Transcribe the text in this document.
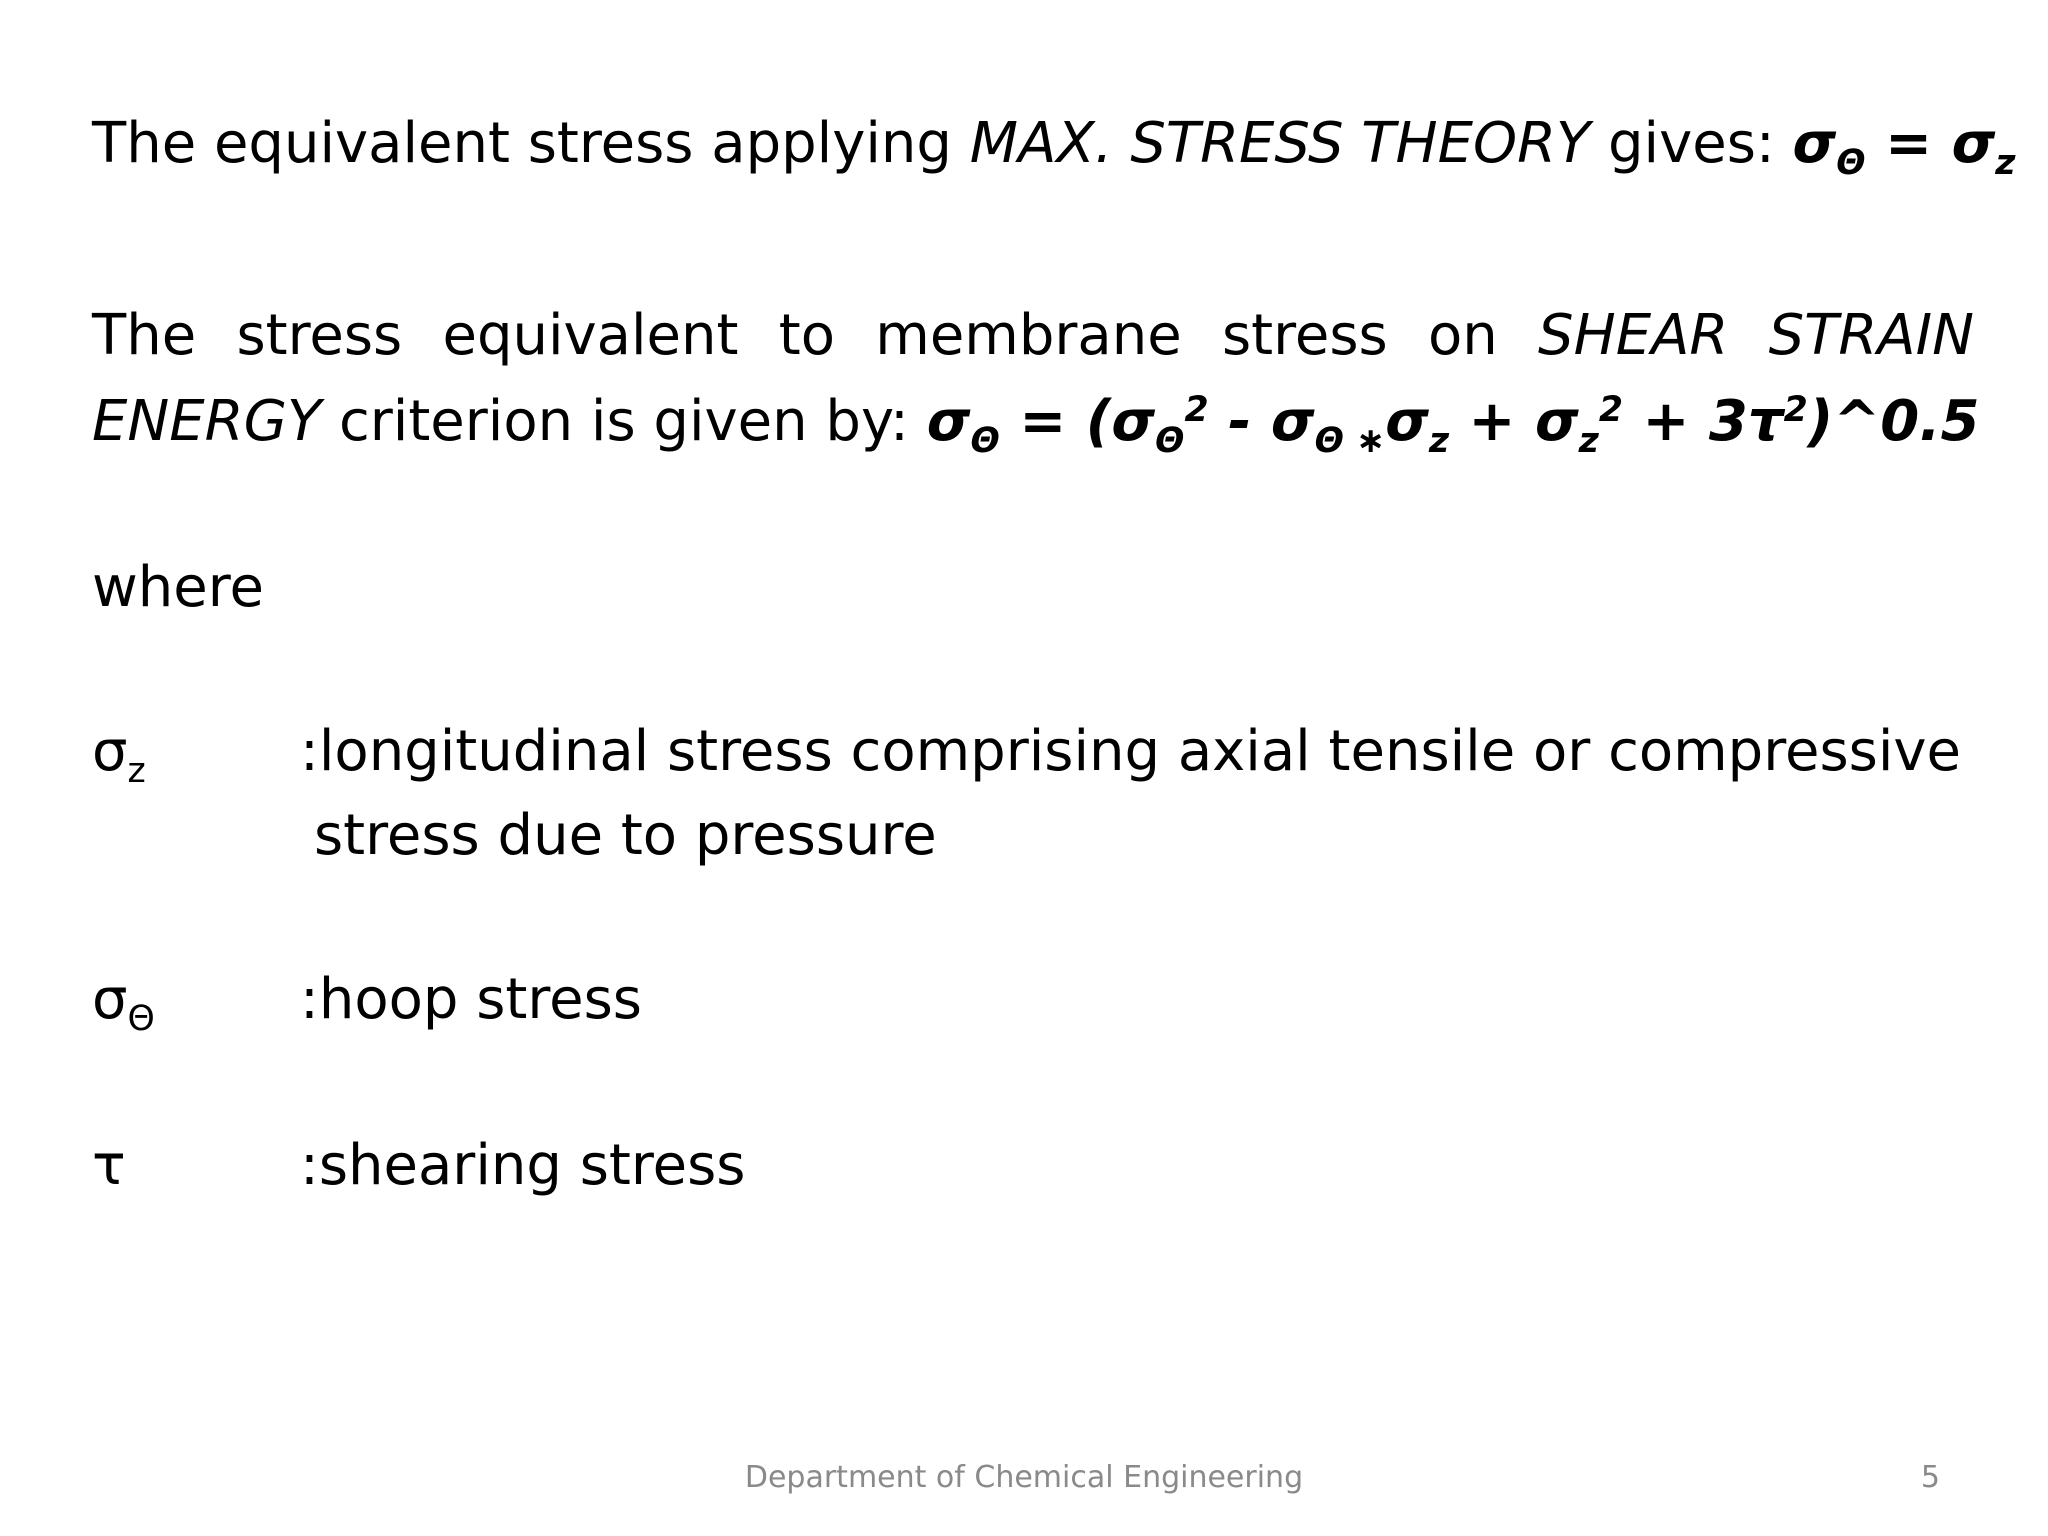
The equivalent stress applying MAX. STRESS THEORY gives: $\sigma_\Theta = \sigma_z$
The stress equivalent to membrane stress on SHEAR STRAIN
ENERGY criterion is given by: $\sigma_\Theta = (\sigma_\Theta^2 - \sigma_{\Theta ∗}\sigma_z + \sigma_z^2$ + $3\tau^2)\^{}0.5$
where
$\sigma_z$	:longitudinal stress comprising axial tensile or compressive
stress due to pressure
$\sigma_\Theta$	:hoop stress
τ	:shearing stress
Department of Chemical Engineering	5
